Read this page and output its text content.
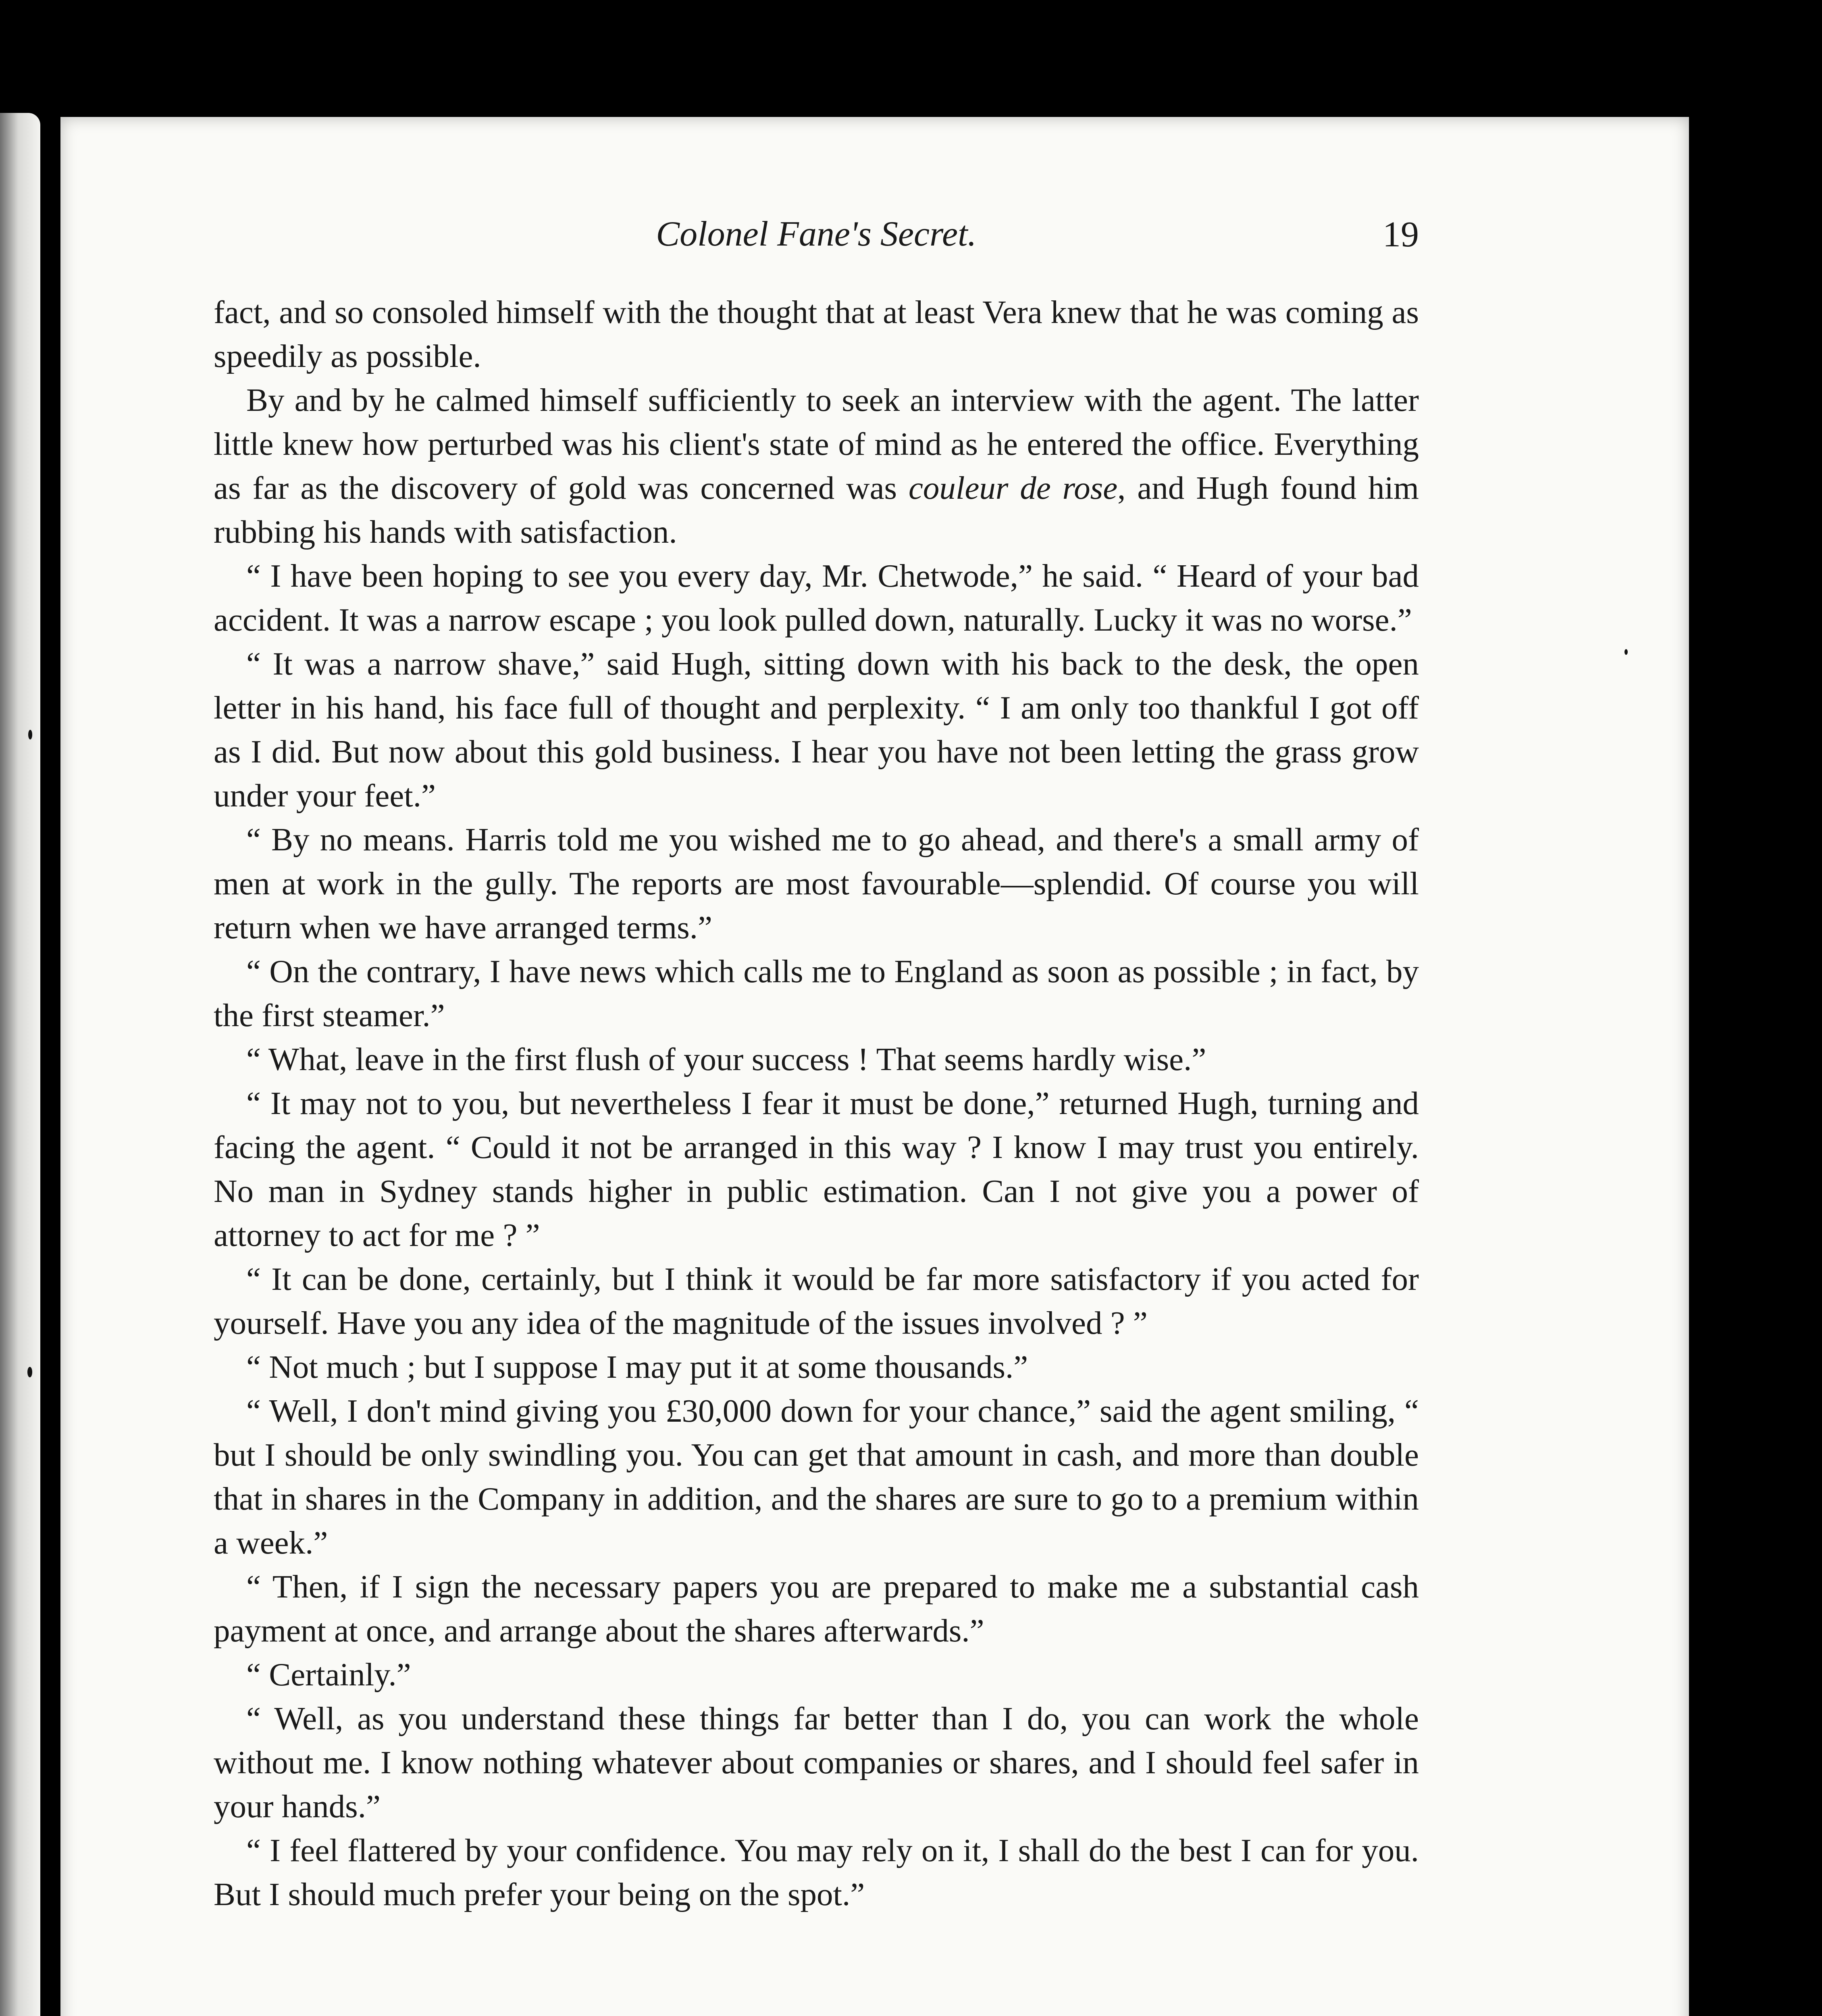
Colonel Fane's Secret.	19

fact, and so consoled himself with the thought that at least Vera knew that he was coming as speedily as possible.

By and by he calmed himself sufficiently to seek an interview with the agent. The latter little knew how perturbed was his client's state of mind as he entered the office. Everything as far as the discovery of gold was concerned was couleur de rose, and Hugh found him rubbing his hands with satisfaction.

“ I have been hoping to see you every day, Mr. Chetwode,” he said. “ Heard of your bad accident. It was a narrow escape ; you look pulled down, naturally. Lucky it was no worse.”

“ It was a narrow shave,” said Hugh, sitting down with his back to the desk, the open letter in his hand, his face full of thought and perplexity. “ I am only too thankful I got off as I did. But now about this gold business. I hear you have not been letting the grass grow under your feet.”

“ By no means. Harris told me you wished me to go ahead, and there's a small army of men at work in the gully. The reports are most favourable—splendid. Of course you will return when we have arranged terms.”

“ On the contrary, I have news which calls me to England as soon as possible ; in fact, by the first steamer.”

“ What, leave in the first flush of your success ! That seems hardly wise.”

“ It may not to you, but nevertheless I fear it must be done,” returned Hugh, turning and facing the agent. “ Could it not be arranged in this way ? I know I may trust you entirely. No man in Sydney stands higher in public estimation. Can I not give you a power of attorney to act for me ? ”

“ It can be done, certainly, but I think it would be far more satisfactory if you acted for yourself. Have you any idea of the magnitude of the issues involved ? ”

“ Not much ; but I suppose I may put it at some thousands.”

“ Well, I don't mind giving you £30,000 down for your chance,” said the agent smiling, “ but I should be only swindling you. You can get that amount in cash, and more than double that in shares in the Company in addition, and the shares are sure to go to a premium within a week.”

“ Then, if I sign the necessary papers you are prepared to make me a substantial cash payment at once, and arrange about the shares afterwards.”

“ Certainly.”

“ Well, as you understand these things far better than I do, you can work the whole without me. I know nothing whatever about companies or shares, and I should feel safer in your hands.”

“ I feel flattered by your confidence. You may rely on it, I shall do the best I can for you. But I should much prefer your being on the spot.”
